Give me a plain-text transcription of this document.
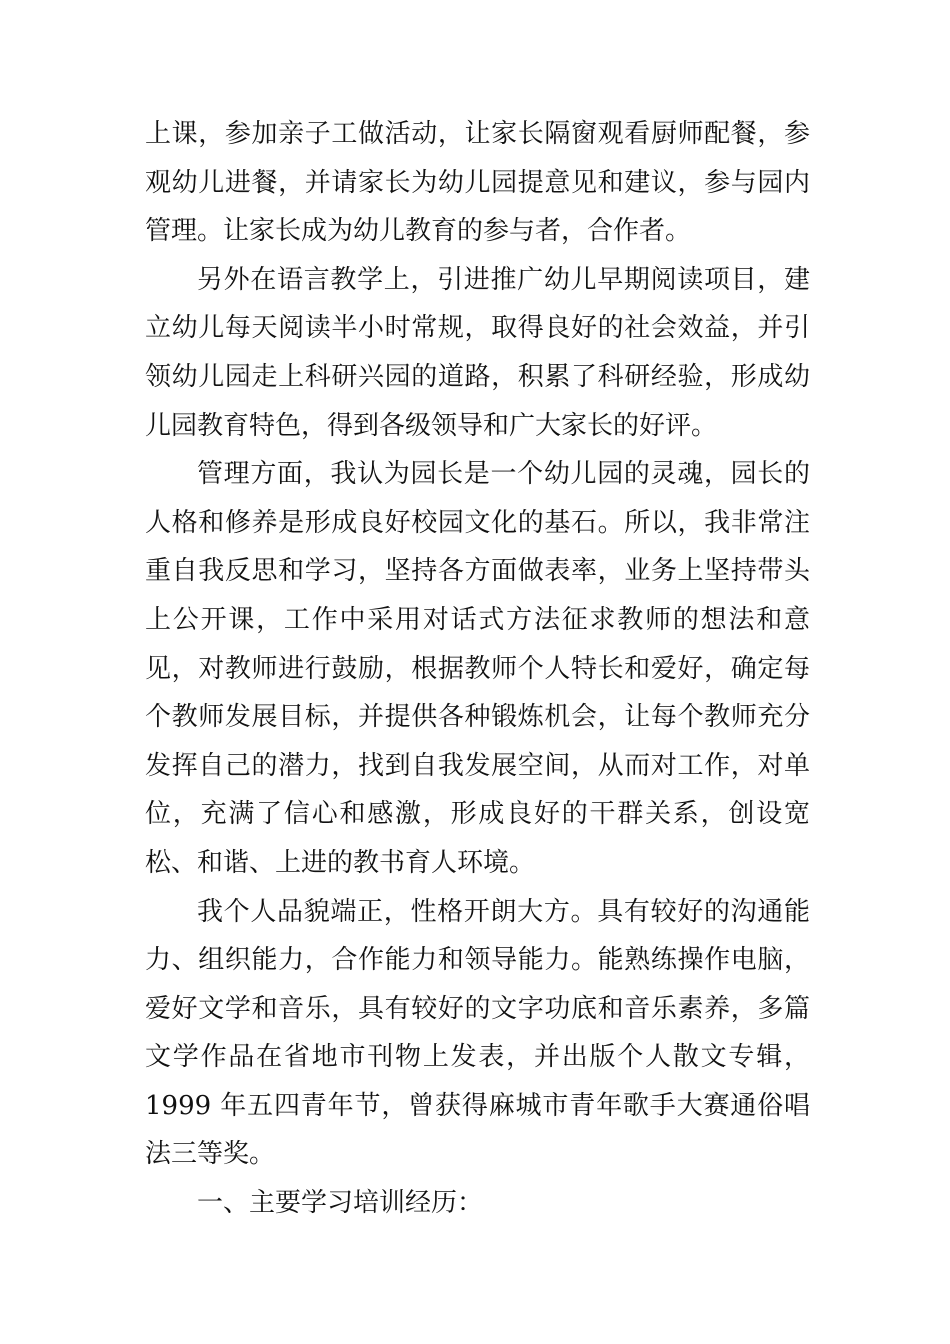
上课，参加亲子工做活动，让家长隔窗观看厨师配餐，参观幼儿进餐，并请家长为幼儿园提意见和建议，参与园内管理。让家长成为幼儿教育的参与者，合作者。

另外在语言教学上，引进推广幼儿早期阅读项目，建立幼儿每天阅读半小时常规，取得良好的社会效益，并引领幼儿园走上科研兴园的道路，积累了科研经验，形成幼儿园教育特色，得到各级领导和广大家长的好评。

管理方面，我认为园长是一个幼儿园的灵魂，园长的人格和修养是形成良好校园文化的基石。所以，我非常注重自我反思和学习，坚持各方面做表率，业务上坚持带头上公开课，工作中采用对话式方法征求教师的想法和意见，对教师进行鼓励，根据教师个人特长和爱好，确定每个教师发展目标，并提供各种锻炼机会，让每个教师充分发挥自己的潜力，找到自我发展空间，从而对工作，对单位，充满了信心和感激，形成良好的干群关系，创设宽松、和谐、上进的教书育人环境。

我个人品貌端正，性格开朗大方。具有较好的沟通能力、组织能力，合作能力和领导能力。能熟练操作电脑，爱好文学和音乐，具有较好的文字功底和音乐素养，多篇文学作品在省地市刊物上发表，并出版个人散文专辑， 1999 年五四青年节，曾获得麻城市青年歌手大赛通俗唱法三等奖。

一、主要学习培训经历：
